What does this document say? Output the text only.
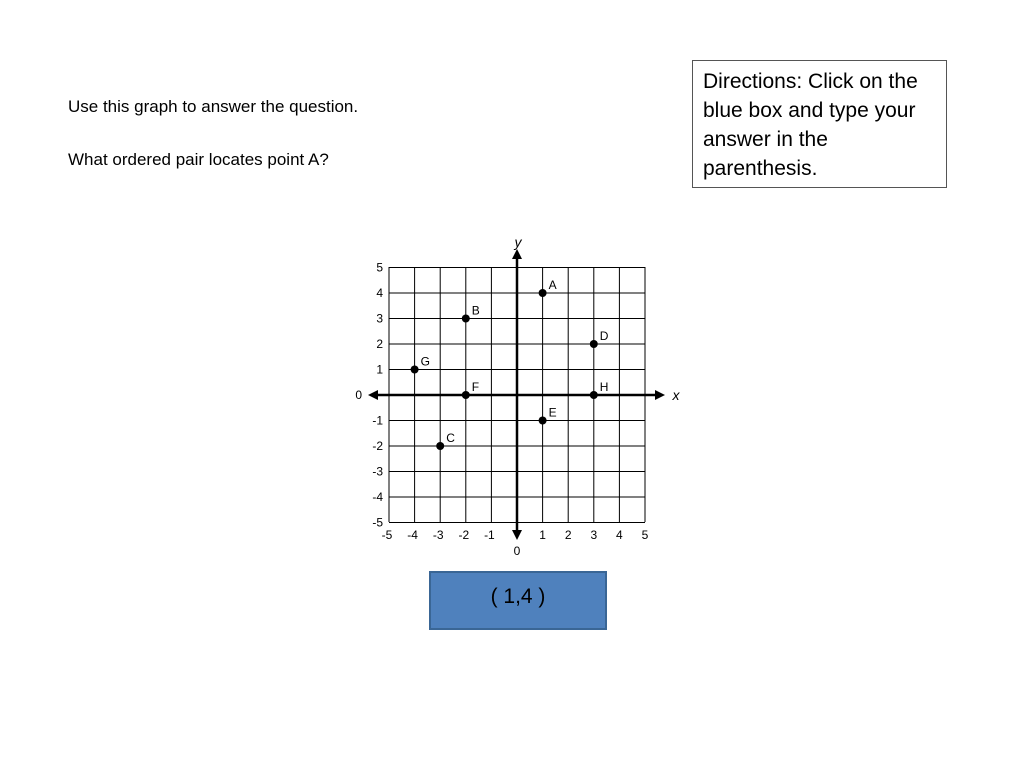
Use this graph to answer the question.

What ordered pair locates point A?

Directions: Click on the blue box and type your answer in the parenthesis.
x
y
5
4
3
2
1
0
-1
-2
-3
-4
-5
-5 -4 -3 -2 -1	1 2 3 4 5
0
A
B
D
G
F	H
E
C
( 1,4 )
